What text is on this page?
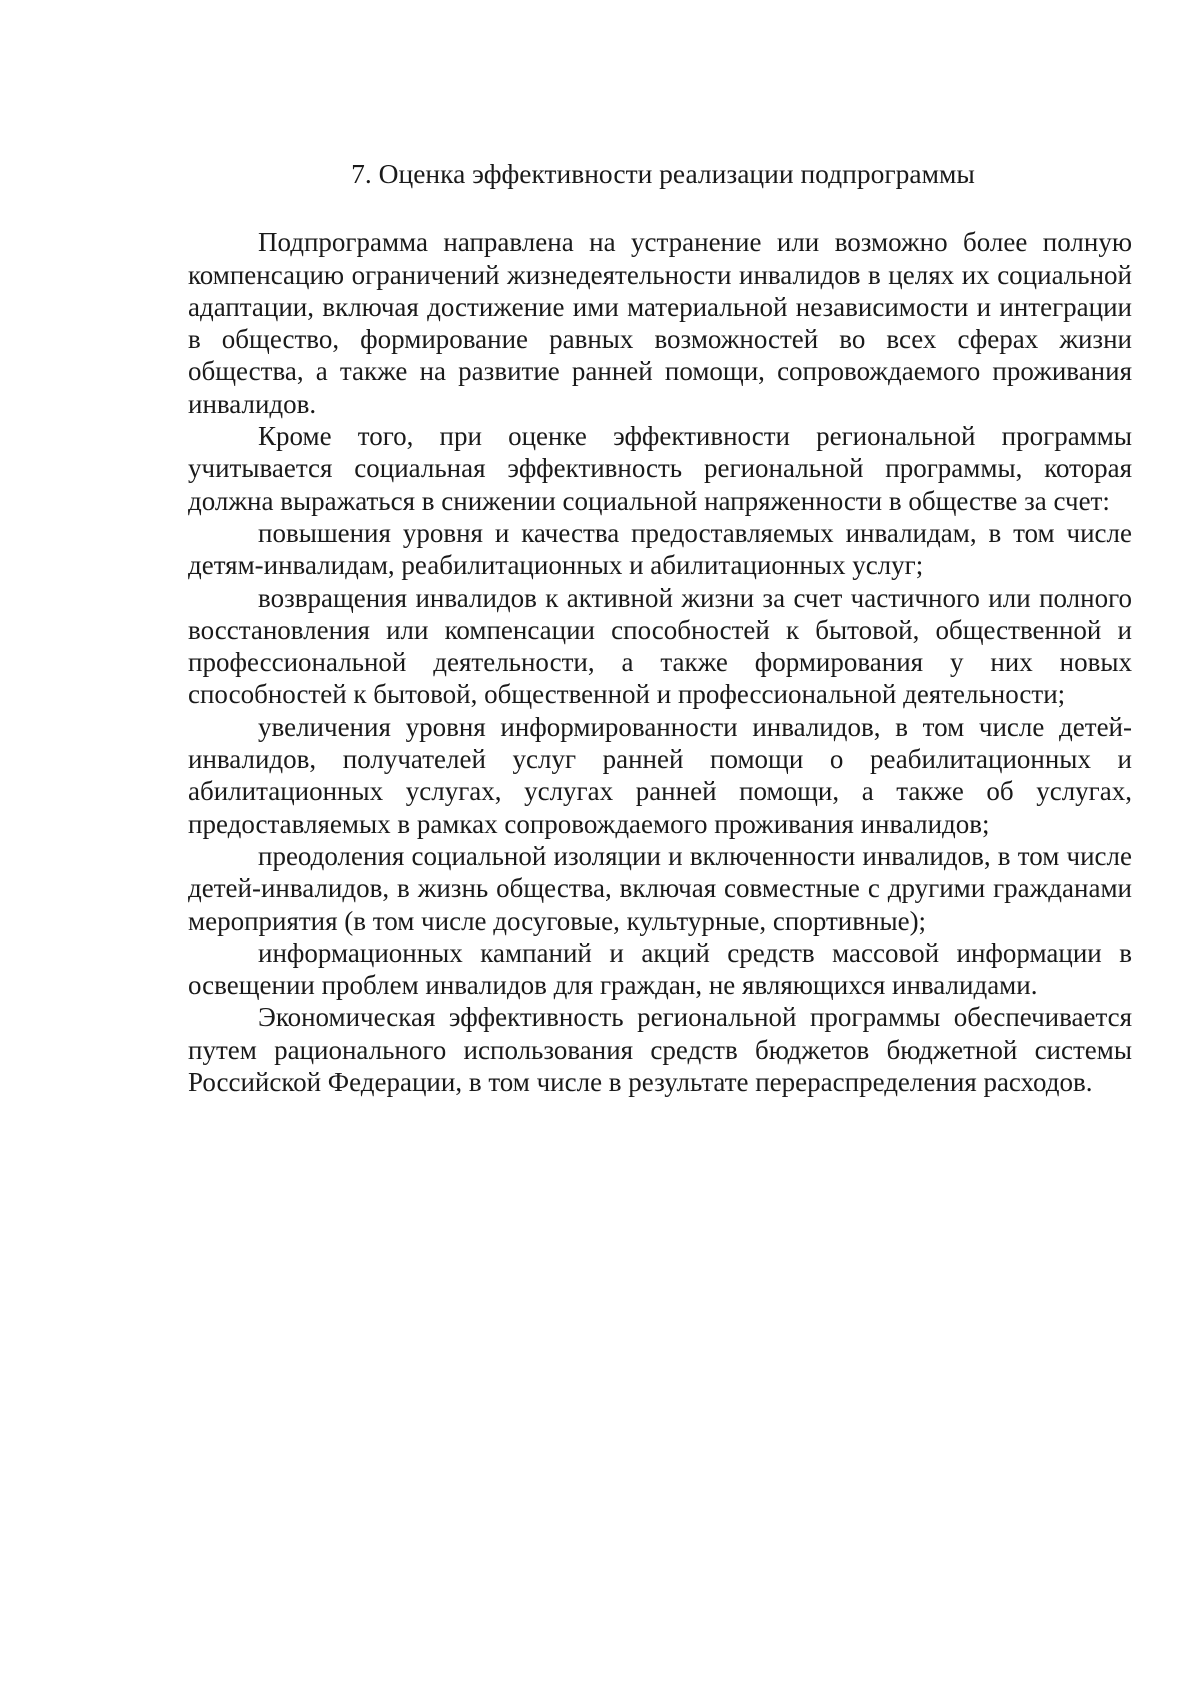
7. Оценка эффективности реализации подпрограммы

Подпрограмма направлена на устранение или возможно более полную компенсацию ограничений жизнедеятельности инвалидов в целях их социальной адаптации, включая достижение ими материальной независимости и интеграции в общество, формирование равных возможностей во всех сферах жизни общества, а также на развитие ранней помощи, сопровождаемого проживания инвалидов.

Кроме того, при оценке эффективности региональной программы учитывается социальная эффективность региональной программы, которая должна выражаться в снижении социальной напряженности в обществе за счет:

повышения уровня и качества предоставляемых инвалидам, в том числе детям-инвалидам, реабилитационных и абилитационных услуг;

возвращения инвалидов к активной жизни за счет частичного или полного восстановления или компенсации способностей к бытовой, общественной и профессиональной деятельности, а также формирования у них новых способностей к бытовой, общественной и профессиональной деятельности;

увеличения уровня информированности инвалидов, в том числе детей-инвалидов, получателей услуг ранней помощи о реабилитационных и абилитационных услугах, услугах ранней помощи, а также об услугах, предоставляемых в рамках сопровождаемого проживания инвалидов;

преодоления социальной изоляции и включенности инвалидов, в том числе детей-инвалидов, в жизнь общества, включая совместные с другими гражданами мероприятия (в том числе досуговые, культурные, спортивные);

информационных кампаний и акций средств массовой информации в освещении проблем инвалидов для граждан, не являющихся инвалидами.

Экономическая эффективность региональной программы обеспечивается путем рационального использования средств бюджетов бюджетной системы Российской Федерации, в том числе в результате перераспределения расходов.
